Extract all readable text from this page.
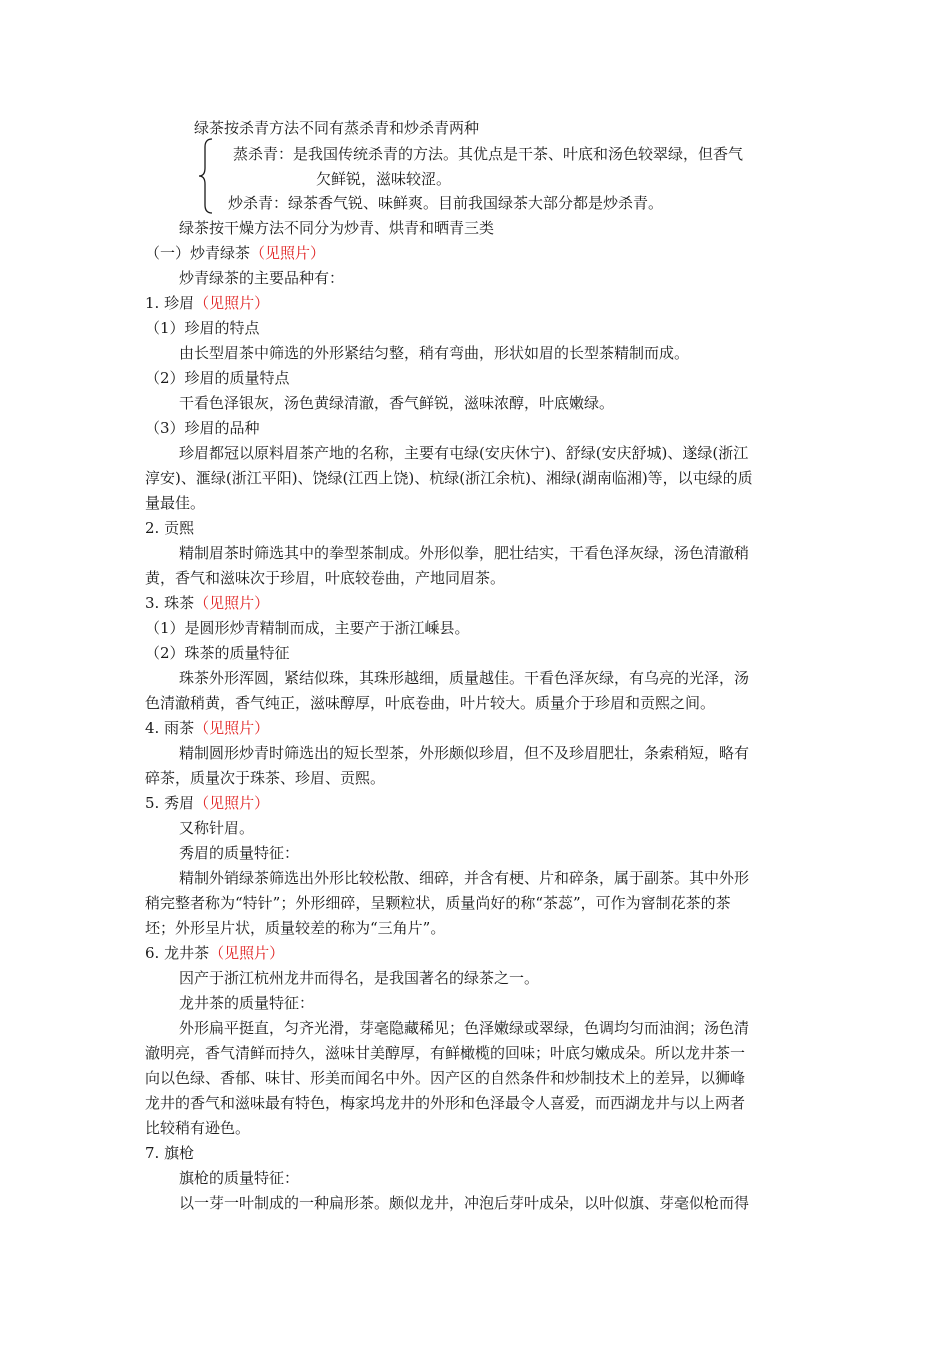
绿茶按杀青方法不同有蒸杀青和炒杀青两种
蒸杀青：是我国传统杀青的方法。其优点是干茶、叶底和汤色较翠绿，但香气
欠鲜锐，滋味较涩。
炒杀青：绿茶香气锐、味鲜爽。目前我国绿茶大部分都是炒杀青。
绿茶按干燥方法不同分为炒青、烘青和晒青三类
（一）炒青绿茶（见照片）
炒青绿茶的主要品种有：
1. 珍眉（见照片）
（1）珍眉的特点
由长型眉茶中筛选的外形紧结匀整，稍有弯曲，形状如眉的长型茶精制而成。
（2）珍眉的质量特点
干看色泽银灰，汤色黄绿清澈，香气鲜锐，滋味浓醇，叶底嫩绿。
（3）珍眉的品种
珍眉都冠以原料眉茶产地的名称，主要有屯绿(安庆休宁)、舒绿(安庆舒城)、遂绿(浙江
淳安)、滙绿(浙江平阳)、饶绿(江西上饶)、杭绿(浙江余杭)、湘绿(湖南临湘)等，以屯绿的质
量最佳。
2. 贡熙
精制眉茶时筛选其中的拳型茶制成。外形似拳，肥壮结实，干看色泽灰绿，汤色清澈稍
黄，香气和滋味次于珍眉，叶底较卷曲，产地同眉茶。
3. 珠茶（见照片）
（1）是圆形炒青精制而成，主要产于浙江嵊县。
（2）珠茶的质量特征
珠茶外形浑圆，紧结似珠，其珠形越细，质量越佳。干看色泽灰绿，有乌亮的光泽，汤
色清澈稍黄，香气纯正，滋味醇厚，叶底卷曲，叶片较大。质量介于珍眉和贡熙之间。
4. 雨茶（见照片）
精制圆形炒青时筛选出的短长型茶，外形颇似珍眉，但不及珍眉肥壮，条索稍短，略有
碎茶，质量次于珠茶、珍眉、贡熙。
5. 秀眉（见照片）
又称针眉。
秀眉的质量特征：
精制外销绿茶筛选出外形比较松散、细碎，并含有梗、片和碎条，属于副茶。其中外形
稍完整者称为“特针”；外形细碎，呈颗粒状，质量尚好的称“茶蕊”，可作为窨制花茶的茶
坯；外形呈片状，质量较差的称为“三角片”。
6. 龙井茶（见照片）
因产于浙江杭州龙井而得名，是我国著名的绿茶之一。
龙井茶的质量特征：
外形扁平挺直，匀齐光滑，芽毫隐藏稀见；色泽嫩绿或翠绿，色调均匀而油润；汤色清
澈明亮，香气清鲜而持久，滋味甘美醇厚，有鲜橄榄的回味；叶底匀嫩成朵。所以龙井茶一
向以色绿、香郁、味甘、形美而闻名中外。因产区的自然条件和炒制技术上的差异，以狮峰
龙井的香气和滋味最有特色，梅家坞龙井的外形和色泽最令人喜爱，而西湖龙井与以上两者
比较稍有逊色。
7. 旗枪
旗枪的质量特征：
以一芽一叶制成的一种扁形茶。颇似龙井，冲泡后芽叶成朵，以叶似旗、芽毫似枪而得
